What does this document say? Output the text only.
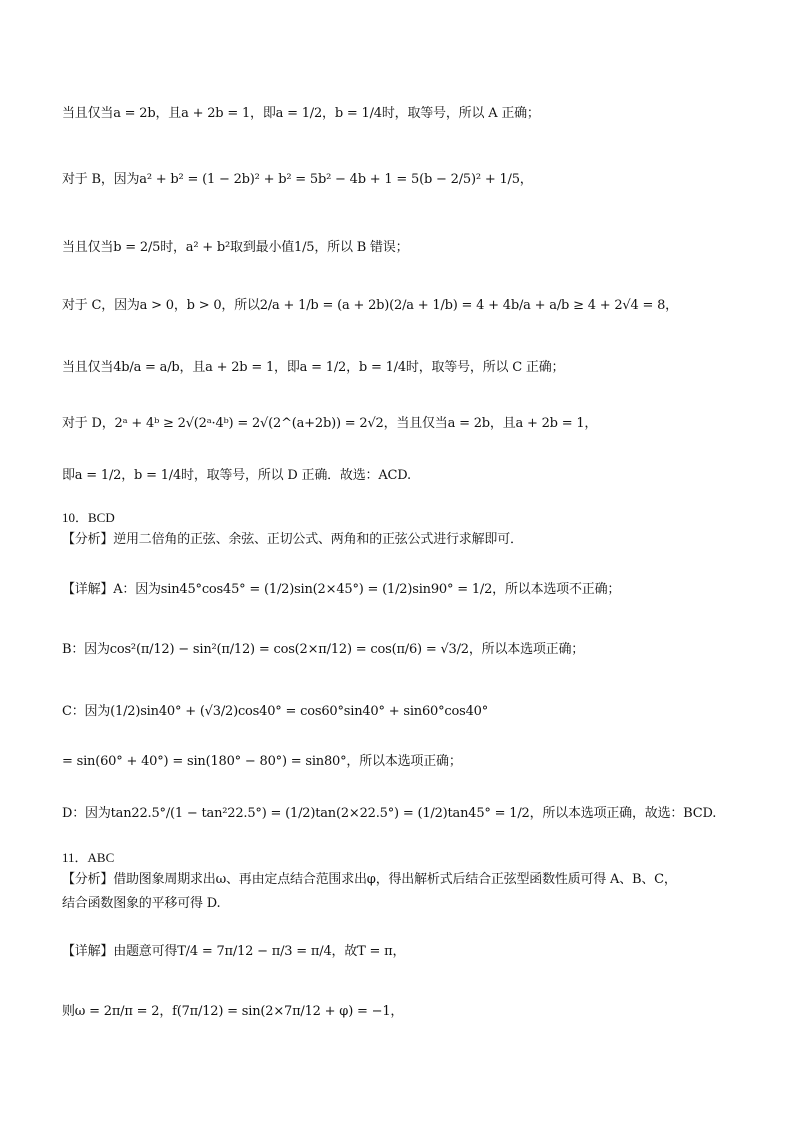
当且仅当a = 2b，且a + 2b = 1，即a = 1/2，b = 1/4时，取等号，所以 A 正确；
对于 B，因为a² + b² = (1 − 2b)² + b² = 5b² − 4b + 1 = 5(b − 2/5)² + 1/5，
当且仅当b = 2/5时，a² + b²取到最小值1/5，所以 B 错误；
对于 C，因为a > 0，b > 0，所以2/a + 1/b = (a + 2b)(2/a + 1/b) = 4 + 4b/a + a/b ≥ 4 + 2√4 = 8，
当且仅当4b/a = a/b，且a + 2b = 1，即a = 1/2，b = 1/4时，取等号，所以 C 正确；
对于 D，2ᵃ + 4ᵇ ≥ 2√(2ᵃ·4ᵇ) = 2√(2^(a+2b)) = 2√2，当且仅当a = 2b，且a + 2b = 1，
即a = 1/2，b = 1/4时，取等号，所以 D 正确．故选：ACD.
10．BCD
【分析】逆用二倍角的正弦、余弦、正切公式、两角和的正弦公式进行求解即可．
【详解】A：因为sin45°cos45° = (1/2)sin(2×45°) = (1/2)sin90° = 1/2，所以本选项不正确；
B：因为cos²(π/12) − sin²(π/12) = cos(2×π/12) = cos(π/6) = √3/2，所以本选项正确；
C：因为(1/2)sin40° + (√3/2)cos40° = cos60°sin40° + sin60°cos40°
= sin(60° + 40°) = sin(180° − 80°) = sin80°，所以本选项正确；
D：因为tan22.5°/(1 − tan²22.5°) = (1/2)tan(2×22.5°) = (1/2)tan45° = 1/2，所以本选项正确，故选：BCD.
11．ABC
【分析】借助图象周期求出ω、再由定点结合范围求出φ，得出解析式后结合正弦型函数性质可得 A、B、C，
结合函数图象的平移可得 D.
【详解】由题意可得T/4 = 7π/12 − π/3 = π/4，故T = π，
则ω = 2π/π = 2，f(7π/12) = sin(2×7π/12 + φ) = −1，
